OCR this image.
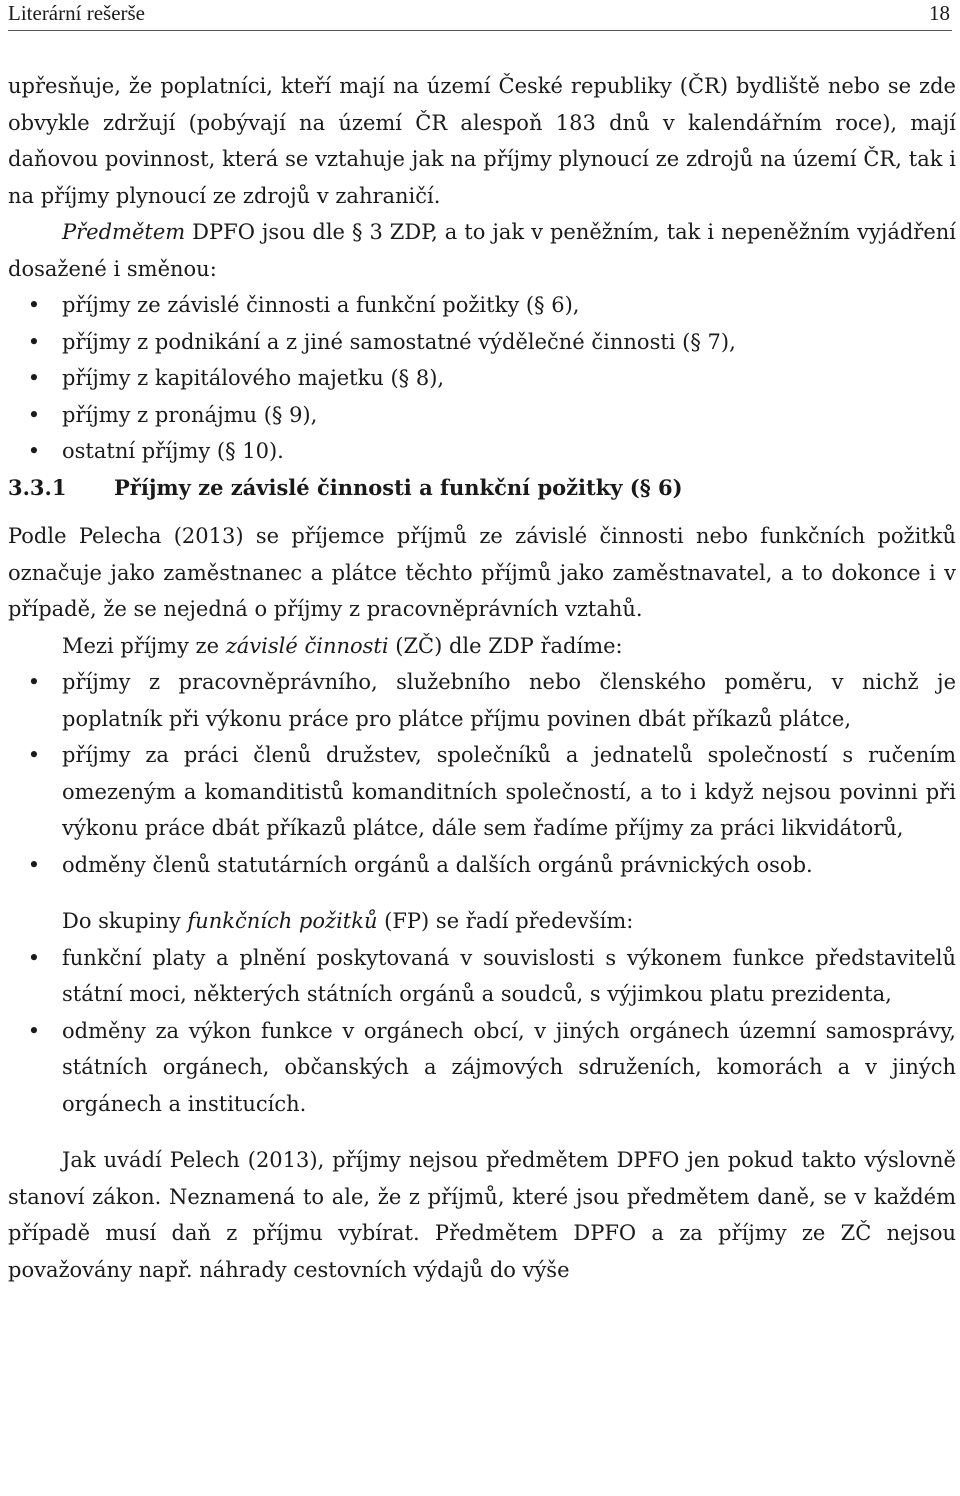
Literární rešerše	18

upřesňuje, že poplatníci, kteří mají na území České republiky (ČR) bydliště nebo se zde obvykle zdržují (pobývají na území ČR alespoň 183 dnů v kalendářním roce), mají daňovou povinnost, která se vztahuje jak na příjmy plynoucí ze zdrojů na území ČR, tak i na příjmy plynoucí ze zdrojů v zahraničí.

Předmětem DPFO jsou dle § 3 ZDP, a to jak v peněžním, tak i nepeněžním vyjádření dosažené i směnou:

• příjmy ze závislé činnosti a funkční požitky (§ 6),
• příjmy z podnikání a z jiné samostatné výdělečné činnosti (§ 7),
• příjmy z kapitálového majetku (§ 8),
• příjmy z pronájmu (§ 9),
• ostatní příjmy (§ 10).
3.3.1 Příjmy ze závislé činnosti a funkční požitky (§ 6)

Podle Pelecha (2013) se příjemce příjmů ze závislé činnosti nebo funkčních požitků označuje jako zaměstnanec a plátce těchto příjmů jako zaměstnavatel, a to dokonce i v případě, že se nejedná o příjmy z pracovněprávních vztahů.

Mezi příjmy ze závislé činnosti (ZČ) dle ZDP řadíme:

• příjmy z pracovněprávního, služebního nebo členského poměru, v nichž je poplatník při výkonu práce pro plátce příjmu povinen dbát příkazů plátce,
• příjmy za práci členů družstev, společníků a jednatelů společností s ručením omezeným a komanditistů komanditních společností, a to i když nejsou povinni při výkonu práce dbát příkazů plátce, dále sem řadíme příjmy za práci likvidátorů,
• odměny členů statutárních orgánů a dalších orgánů právnických osob.

Do skupiny funkčních požitků (FP) se řadí především:

• funkční platy a plnění poskytovaná v souvislosti s výkonem funkce představitelů státní moci, některých státních orgánů a soudců, s výjimkou platu prezidenta,
• odměny za výkon funkce v orgánech obcí, v jiných orgánech územní samosprávy, státních orgánech, občanských a zájmových sdruženích, komorách a v jiných orgánech a institucích.

Jak uvádí Pelech (2013), příjmy nejsou předmětem DPFO jen pokud takto výslovně stanoví zákon. Neznamená to ale, že z příjmů, které jsou předmětem daně, se v každém případě musí daň z příjmu vybírat. Předmětem DPFO a za příjmy ze ZČ nejsou považovány např. náhrady cestovních výdajů do výše
